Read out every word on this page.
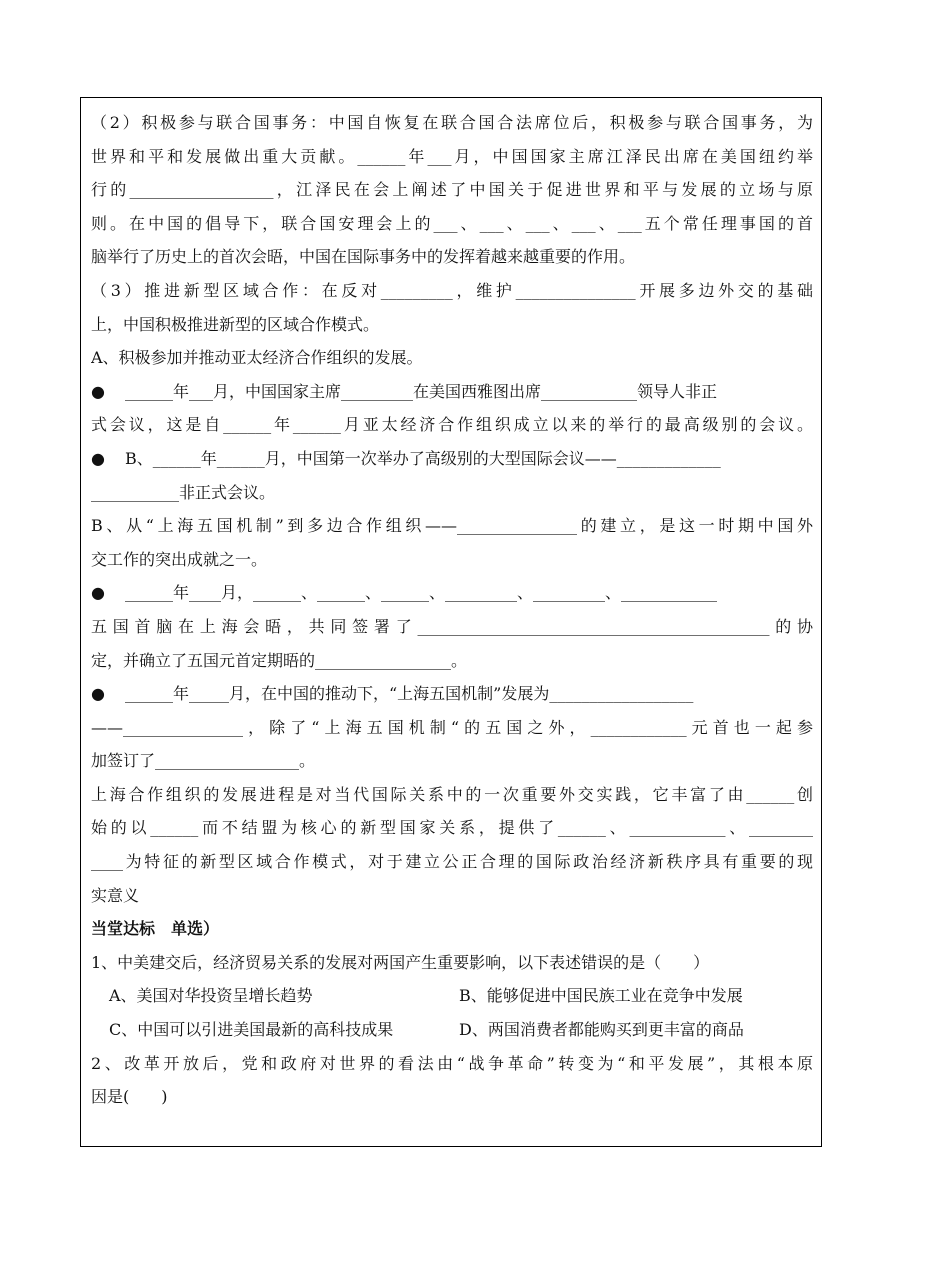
（2）积极参与联合国事务：中国自恢复在联合国合法席位后，积极参与联合国事务，为
世界和平和发展做出重大贡献。______年___月，中国国家主席江泽民出席在美国纽约举
行的__________________，江泽民在会上阐述了中国关于促进世界和平与发展的立场与原
则。在中国的倡导下，联合国安理会上的___、___、___、___、___五个常任理事国的首
脑举行了历史上的首次会晤，中国在国际事务中的发挥着越来越重要的作用。
（3）推进新型区域合作：在反对_________，维护_______________开展多边外交的基础
上，中国积极推进新型的区域合作模式。
A、积极参加并推动亚太经济合作组织的发展。
● ______年___月，中国国家主席_________在美国西雅图出席____________领导人非正
式会议，这是自______年______月亚太经济合作组织成立以来的举行的最高级别的会议。
● B、______年______月，中国第一次举办了高级别的大型国际会议——_____________
___________非正式会议。
B、从“上海五国机制”到多边合作组织——_______________的建立，是这一时期中国外
交工作的突出成就之一。
● ______年____月，______、______、______、_________、_________、____________
五国首脑在上海会晤，共同签署了____________________________________________的协
定，并确立了五国元首定期晤的_________________。
● ______年_____月，在中国的推动下，“上海五国机制”发展为__________________
——_______________，除了“上海五国机制“的五国之外，____________元首也一起参
加签订了__________________。
上海合作组织的发展进程是对当代国际关系中的一次重要外交实践，它丰富了由______创
始的以______而不结盟为核心的新型国家关系，提供了______、____________、________
____为特征的新型区域合作模式，对于建立公正合理的国际政治经济新秩序具有重要的现
实意义
当堂达标　单选）
1、中美建交后，经济贸易关系的发展对两国产生重要影响，以下表述错误的是（　　）
A、美国对华投资呈增长趋势	B、能够促进中国民族工业在竞争中发展
C、中国可以引进美国最新的高科技成果	D、两国消费者都能购买到更丰富的商品
2、改革开放后，党和政府对世界的看法由“战争革命”转变为“和平发展”，其根本原
因是(　　)
